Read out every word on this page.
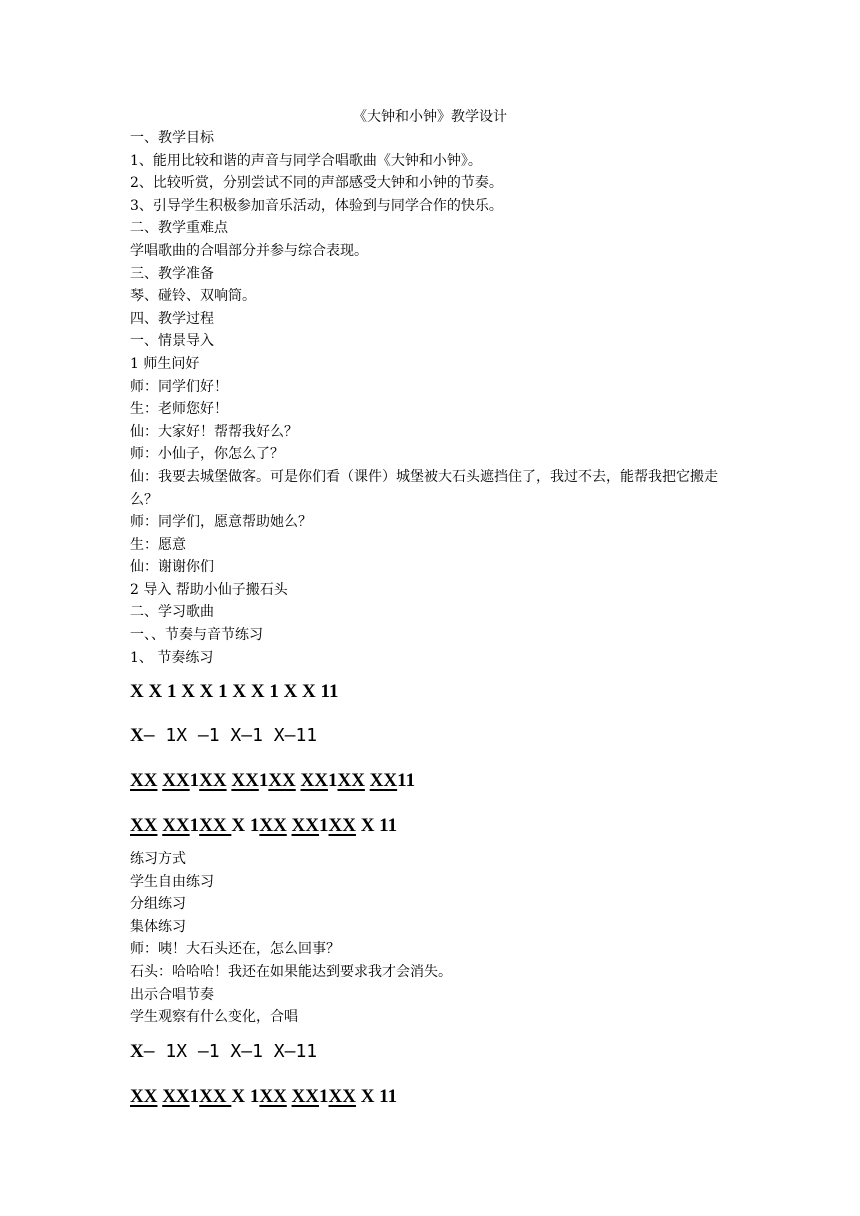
《大钟和小钟》教学设计
一、教学目标
1、能用比较和谐的声音与同学合唱歌曲《大钟和小钟》。
2、比较听赏，分别尝试不同的声部感受大钟和小钟的节奏。
3、引导学生积极参加音乐活动，体验到与同学合作的快乐。
二、教学重难点
学唱歌曲的合唱部分并参与综合表现。
三、教学准备
琴、碰铃、双响筒。
四、教学过程
一、情景导入
1 师生问好
师：同学们好！
生：老师您好！
仙：大家好！帮帮我好么？
师：小仙子，你怎么了？
仙：我要去城堡做客。可是你们看（课件）城堡被大石头遮挡住了，我过不去，能帮我把它搬走么？
师：同学们，愿意帮助她么？
生：愿意
仙：谢谢你们
2 导入 帮助小仙子搬石头
二、学习歌曲
一、、节奏与音节练习
1、 节奏练习
X X 1 X X 1 X X 1 X X 11
X— 1X —1 X—1 X—11
XX XX1XX XX1XX XX1XX XX11
XX XX1XX X 1XX XX1XX X 11
练习方式
学生自由练习
分组练习
集体练习
师：咦！大石头还在，怎么回事？
石头：哈哈哈！我还在如果能达到要求我才会消失。
出示合唱节奏
学生观察有什么变化，合唱
X— 1X —1 X—1 X—11
XX XX1XX X 1XX XX1XX X 11
